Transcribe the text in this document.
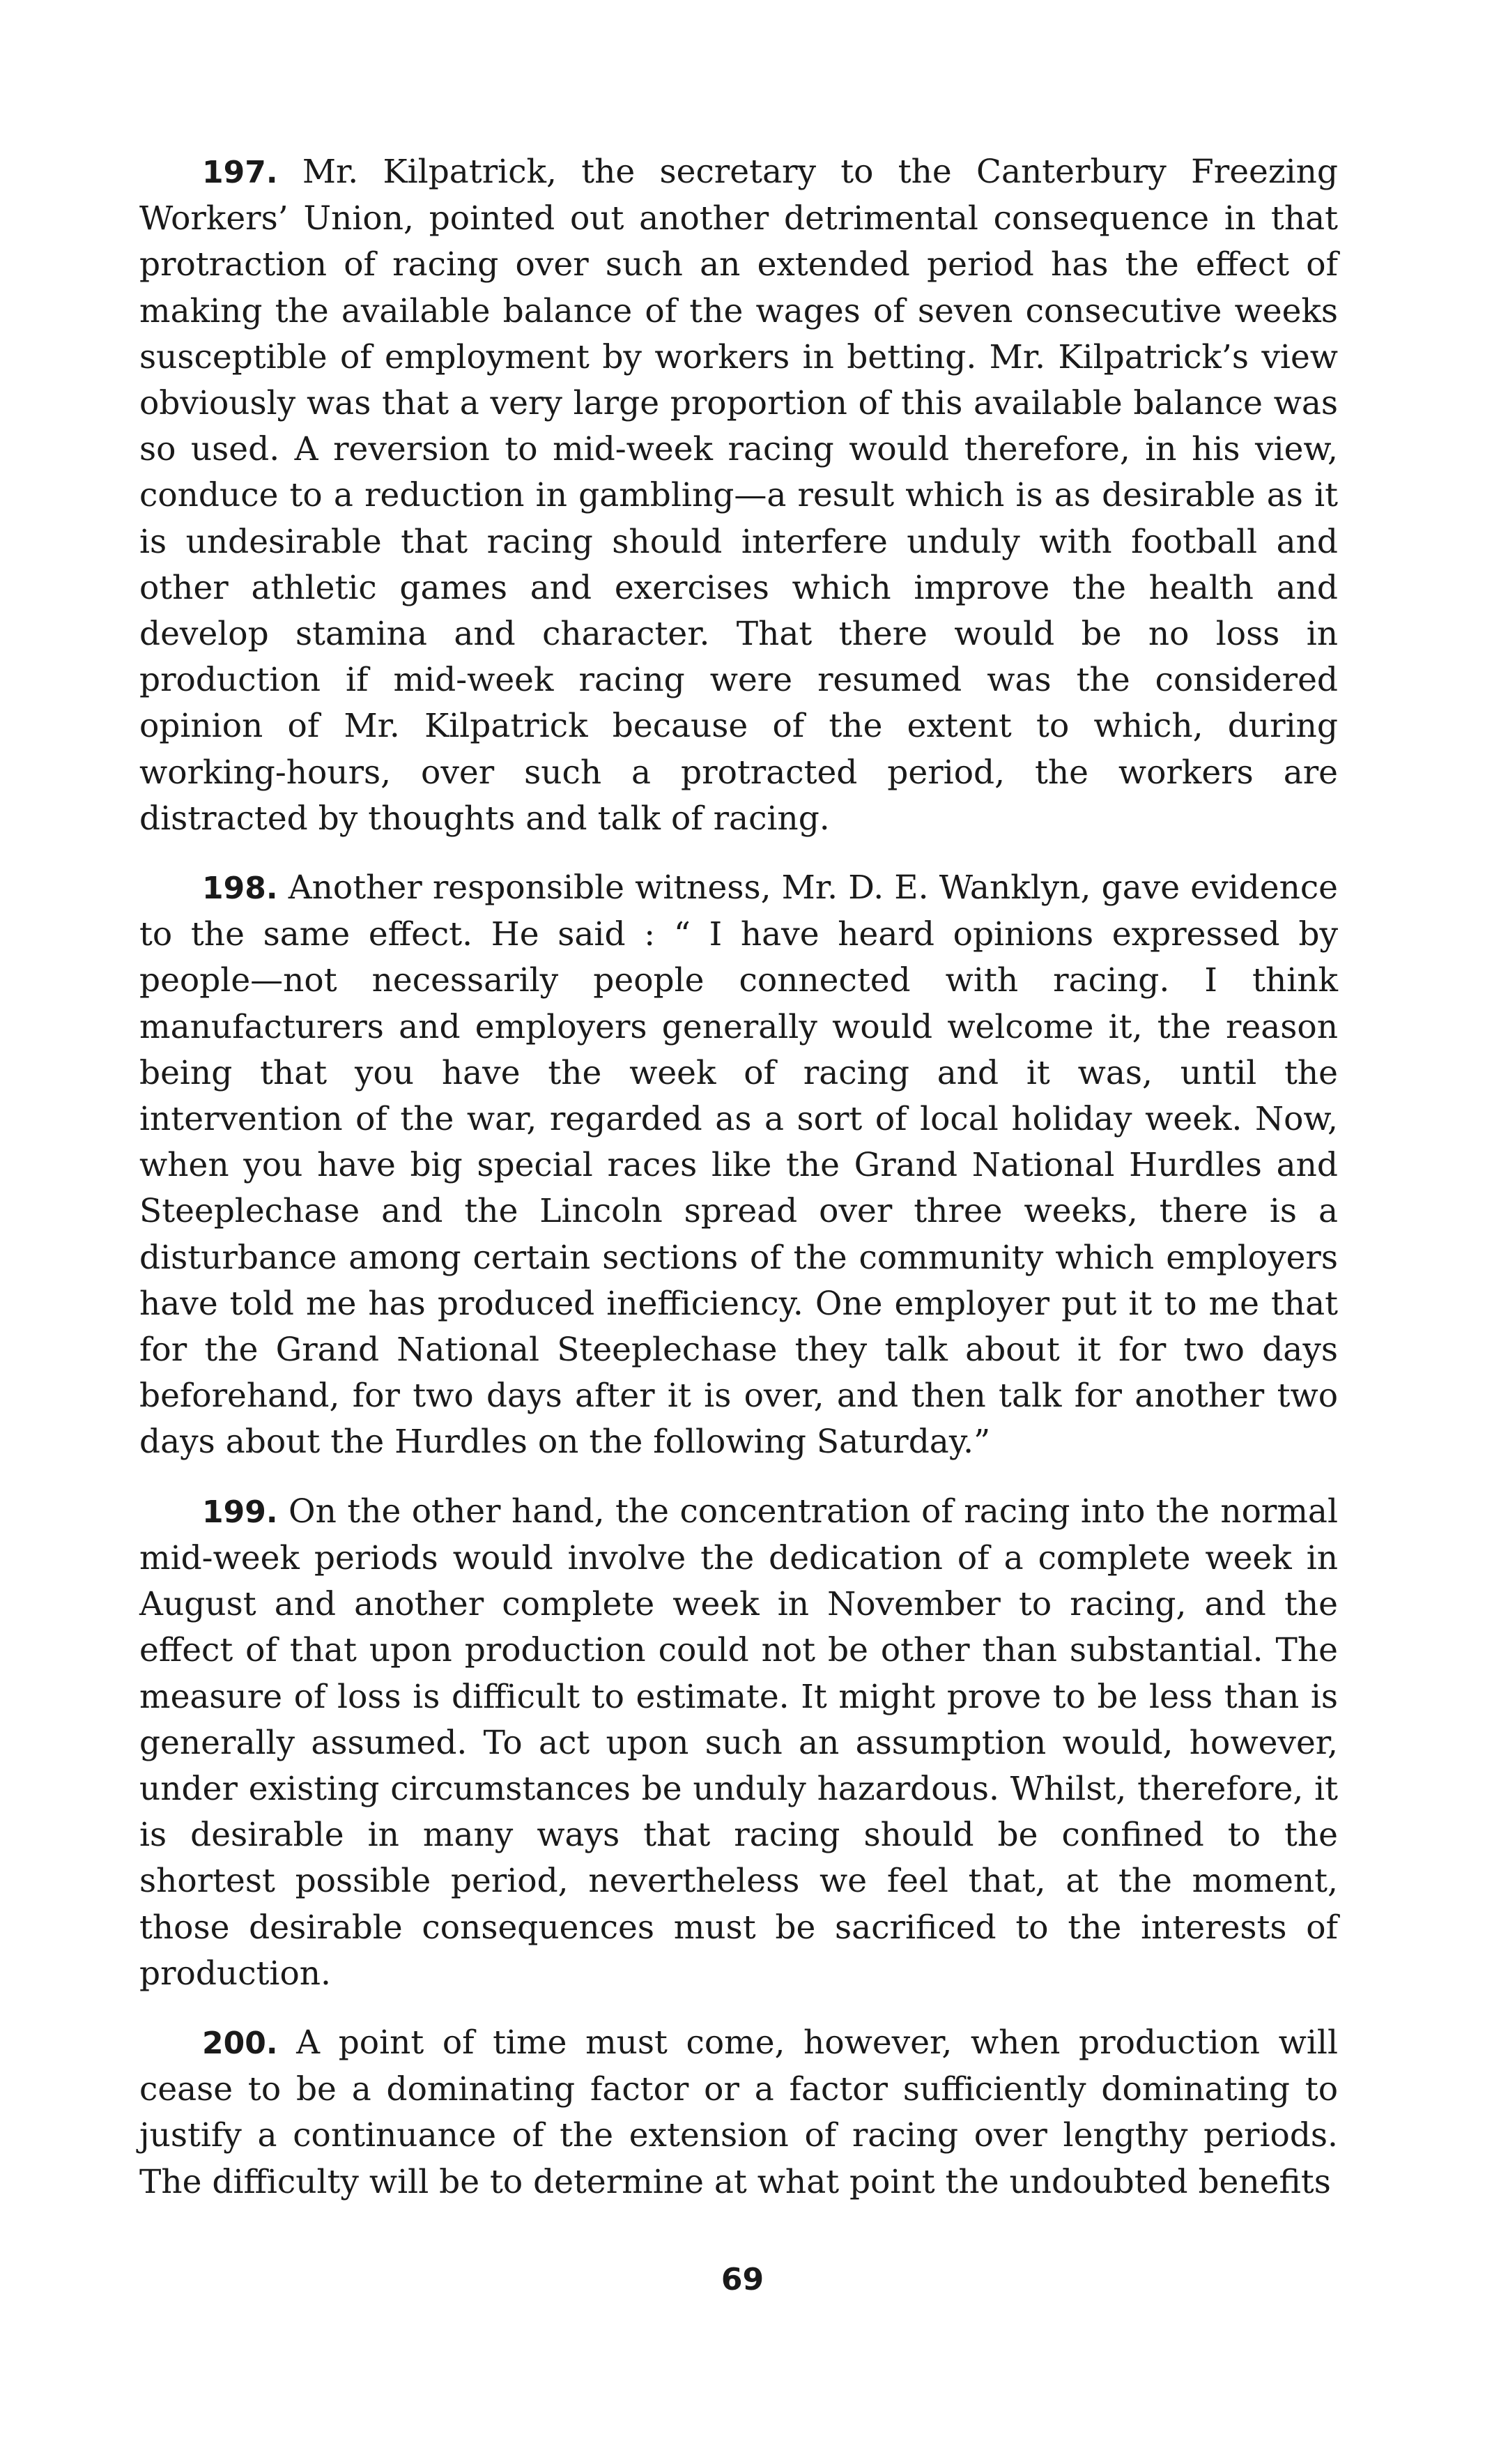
197. Mr. Kilpatrick, the secretary to the Canterbury Freezing Workers’ Union, pointed out another detrimental consequence in that protraction of racing over such an extended period has the effect of making the available balance of the wages of seven consecutive weeks susceptible of employment by workers in betting. Mr. Kilpatrick’s view obviously was that a very large proportion of this available balance was so used. A reversion to mid-week racing would therefore, in his view, conduce to a reduction in gambling—a result which is as desirable as it is undesirable that racing should interfere unduly with football and other athletic games and exercises which improve the health and develop stamina and character. That there would be no loss in production if mid-week racing were resumed was the considered opinion of Mr. Kilpatrick because of the extent to which, during working-hours, over such a protracted period, the workers are distracted by thoughts and talk of racing.

198. Another responsible witness, Mr. D. E. Wanklyn, gave evidence to the same effect. He said : “ I have heard opinions expressed by people—not necessarily people connected with racing. I think manufacturers and employers generally would welcome it, the reason being that you have the week of racing and it was, until the intervention of the war, regarded as a sort of local holiday week. Now, when you have big special races like the Grand National Hurdles and Steeplechase and the Lincoln spread over three weeks, there is a disturbance among certain sections of the community which employers have told me has produced inefficiency. One employer put it to me that for the Grand National Steeplechase they talk about it for two days beforehand, for two days after it is over, and then talk for another two days about the Hurdles on the following Saturday.”

199. On the other hand, the concentration of racing into the normal mid-week periods would involve the dedication of a complete week in August and another complete week in November to racing, and the effect of that upon production could not be other than substantial. The measure of loss is difficult to estimate. It might prove to be less than is generally assumed. To act upon such an assumption would, however, under existing circumstances be unduly hazardous. Whilst, therefore, it is desirable in many ways that racing should be confined to the shortest possible period, nevertheless we feel that, at the moment, those desirable consequences must be sacrificed to the interests of production.

200. A point of time must come, however, when production will cease to be a dominating factor or a factor sufficiently dominating to justify a continuance of the extension of racing over lengthy periods. The difficulty will be to determine at what point the undoubted benefits

69
